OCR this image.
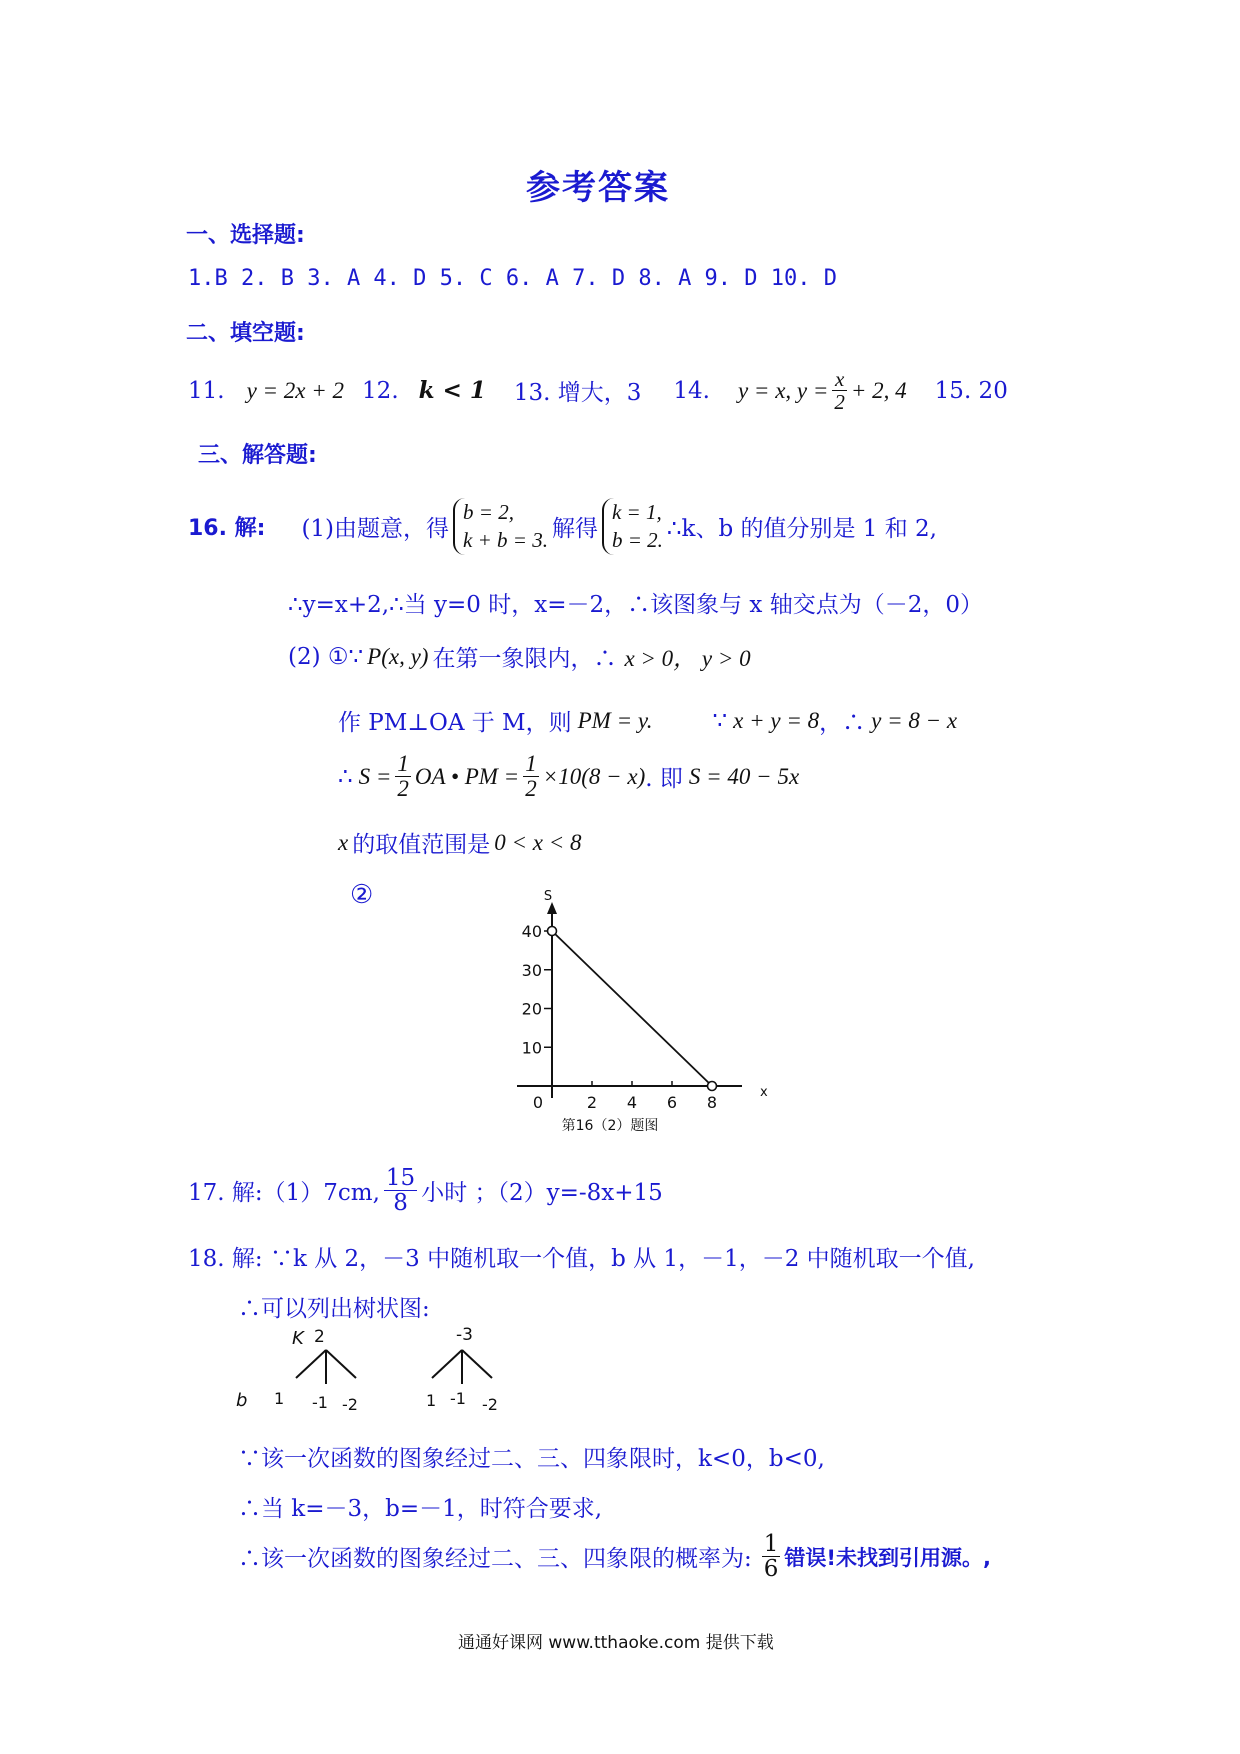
参考答案
一、选择题:
1.B 2. B 3. A 4. D 5. C 6. A 7. D 8. A 9. D 10. D
二、填空题:
11. y = 2x + 2 12. k < 1 13. 增大，3 14. y = x, $y = \frac{x}{2} + 2$, 4 15. 20
三、解答题:
16. 解: (1)由题意，得
b = 2,
k + b = 3. 解得
k = 1,
b = 2. ∴k、b 的值分别是 1 和 2,
∴y=x+2,∴当 y=0 时，x=－2，∴该图象与 x 轴交点为（－2，0）
(2) ①∵ P(x, y) 在第一象限内，∴ x > 0， y > 0
作 PM⊥OA 于 M，则 PM = y.	∵ x + y = 8 ，∴ y = 8 − x
∴ $S = \frac{1}{2}$ OA • PM = $\frac{1}{2} \times 10(8 - x)$ . 即 S = 40 − 5x
x 的取值范围是 0 < x < 8
②	S
x
0	2 4 6 8
10
20
30
40
第16（2）题图
17. 解:（1）7cm, $\frac{15}{8}$ 小时 ；（2）y=-8x+15
18. 解: ∵k 从 2，－3 中随机取一个值，b 从 1，－1，－2 中随机取一个值,
∴可以列出树状图:
K 2
b 1 -1 -2
-3
1 -1 -2
∵该一次函数的图象经过二、三、四象限时，k<0，b<0,
∴当 k=－3，b=－1，时符合要求,
∴该一次函数的图象经过二、三、四象限的概率为: $\frac{1}{6}$ 错误!未找到引用源。,
通通好课网 www.tthaoke.com 提供下载
